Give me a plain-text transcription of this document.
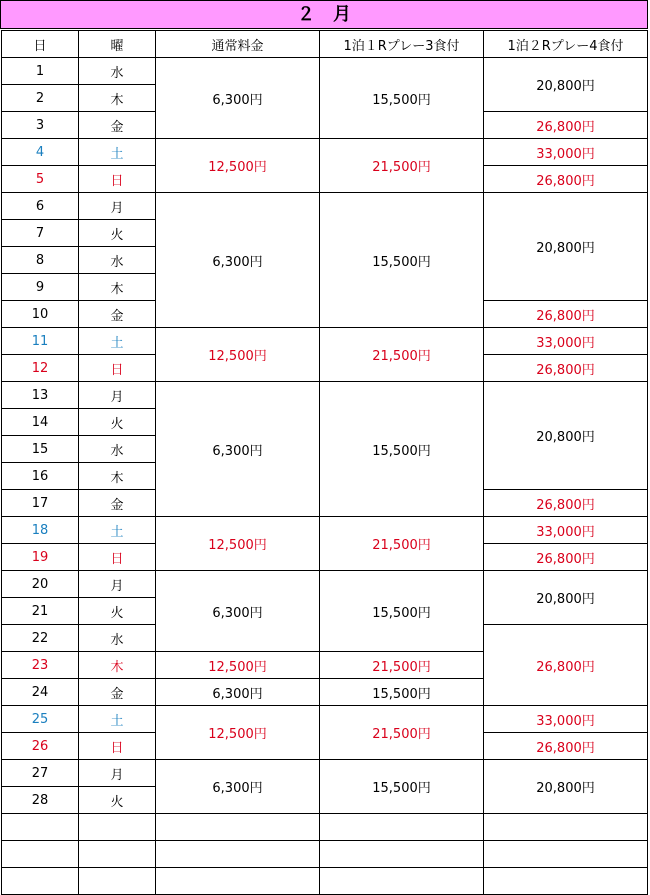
２　月
日	曜	通常料金	1泊１Rプレー3食付	1泊２Rプレー4食付
1	水	6,300円	15,500円	20,800円
2	木			
3	金			26,800円
4	土	12,500円	21,500円	33,000円
5	日			26,800円
6	月	6,300円	15,500円	20,800円
7	火			
8	水			
9	木			
10	金			26,800円
11	土	12,500円	21,500円	33,000円
12	日			26,800円
13	月	6,300円	15,500円	20,800円
14	火			
15	水			
16	木			
17	金			26,800円
18	土	12,500円	21,500円	33,000円
19	日			26,800円
20	月	6,300円	15,500円	20,800円
21	火			
22	水			26,800円
23	木	12,500円	21,500円	
24	金	6,300円	15,500円	
25	土	12,500円	21,500円	33,000円
26	日			26,800円
27	月	6,300円	15,500円	20,800円
28	火			
